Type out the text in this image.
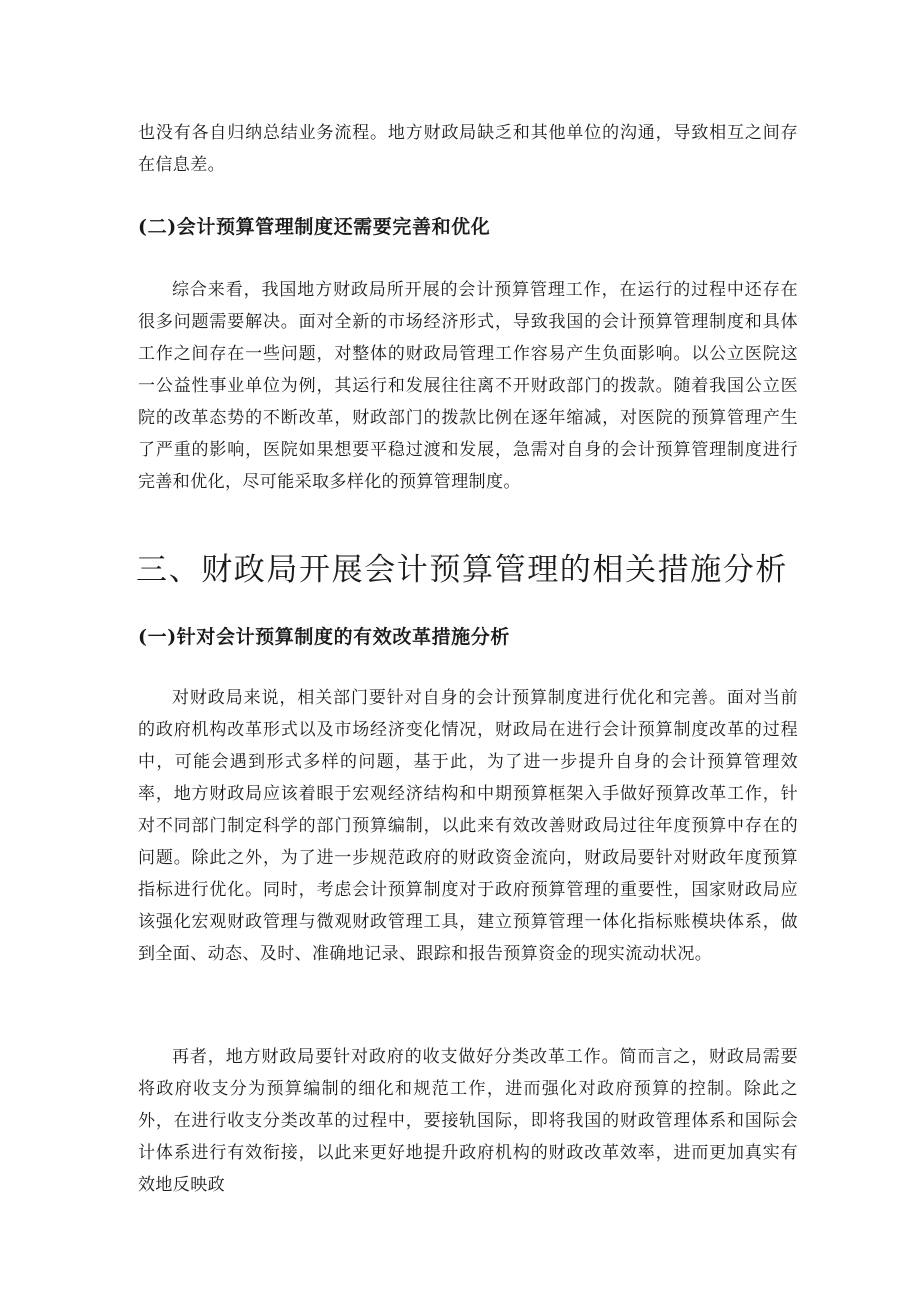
也没有各自归纳总结业务流程。地方财政局缺乏和其他单位的沟通，导致相互之间存在信息差。

(二)会计预算管理制度还需要完善和优化

综合来看，我国地方财政局所开展的会计预算管理工作，在运行的过程中还存在很多问题需要解决。面对全新的市场经济形式，导致我国的会计预算管理制度和具体工作之间存在一些问题，对整体的财政局管理工作容易产生负面影响。以公立医院这一公益性事业单位为例，其运行和发展往往离不开财政部门的拨款。随着我国公立医院的改革态势的不断改革，财政部门的拨款比例在逐年缩减，对医院的预算管理产生了严重的影响，医院如果想要平稳过渡和发展，急需对自身的会计预算管理制度进行完善和优化，尽可能采取多样化的预算管理制度。

三、财政局开展会计预算管理的相关措施分析
(一)针对会计预算制度的有效改革措施分析

对财政局来说，相关部门要针对自身的会计预算制度进行优化和完善。面对当前的政府机构改革形式以及市场经济变化情况，财政局在进行会计预算制度改革的过程中，可能会遇到形式多样的问题，基于此，为了进一步提升自身的会计预算管理效率，地方财政局应该着眼于宏观经济结构和中期预算框架入手做好预算改革工作，针对不同部门制定科学的部门预算编制，以此来有效改善财政局过往年度预算中存在的问题。除此之外，为了进一步规范政府的财政资金流向，财政局要针对财政年度预算指标进行优化。同时，考虑会计预算制度对于政府预算管理的重要性，国家财政局应该强化宏观财政管理与微观财政管理工具，建立预算管理一体化指标账模块体系，做到全面、动态、及时、准确地记录、跟踪和报告预算资金的现实流动状况。

再者，地方财政局要针对政府的收支做好分类改革工作。简而言之，财政局需要将政府收支分为预算编制的细化和规范工作，进而强化对政府预算的控制。除此之外，在进行收支分类改革的过程中，要接轨国际，即将我国的财政管理体系和国际会计体系进行有效衔接，以此来更好地提升政府机构的财政改革效率，进而更加真实有效地反映政
